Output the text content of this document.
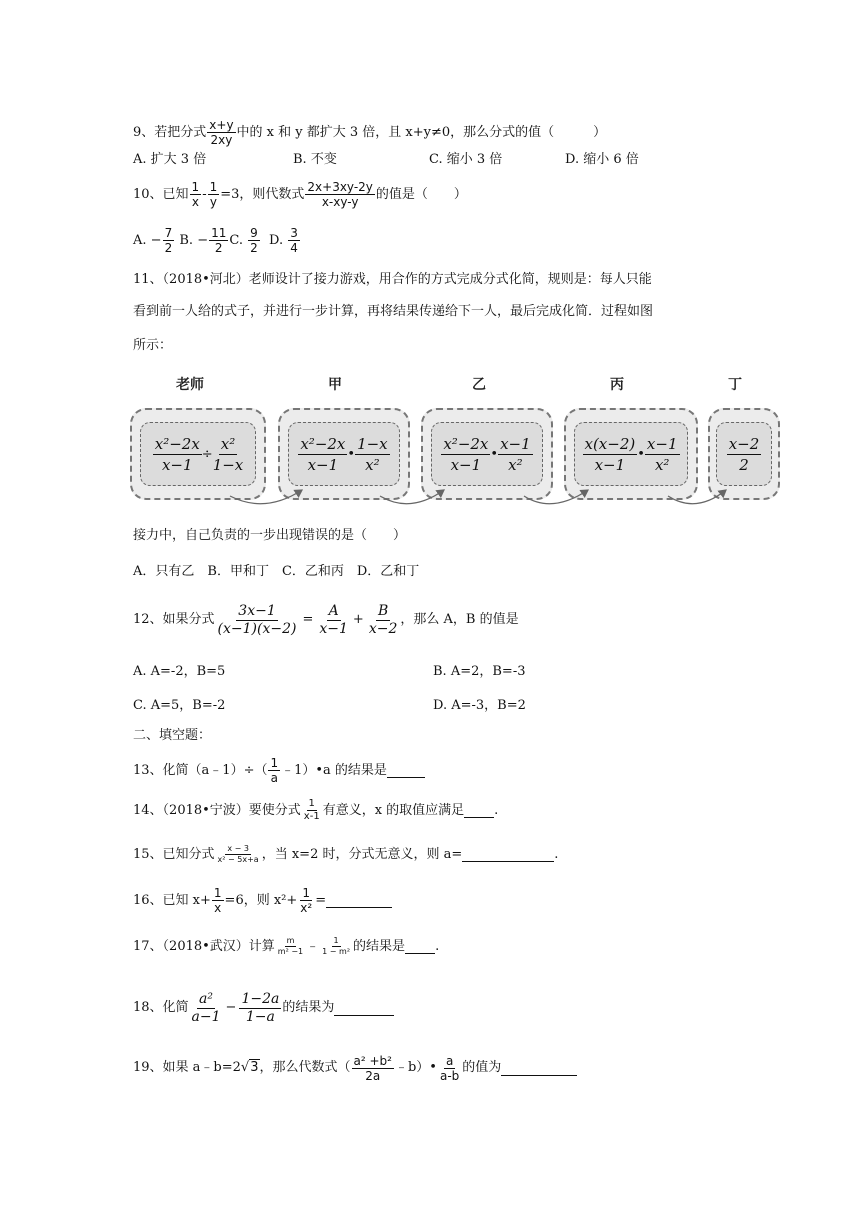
9、若把分式 $\frac{x+y}{2xy}$ 中的 x 和 y 都扩大 3 倍，且 x+y≠0，那么分式的值（　　　）
A. 扩大 3 倍	B. 不变	C. 缩小 3 倍	D. 缩小 6 倍
10、已知 $\frac{1}{x} - \frac{1}{y} =3$，则代数式 $\frac{2x+3xy-2y}{x-xy-y}$ 的值是（　　）
A.
− $\frac{7}{2}$
B.
− $\frac{11}{2} C$.
$\frac{9}{2}$
D.
$\frac{3}{4}$
11、（2018•河北）老师设计了接力游戏，用合作的方式完成分式化简，规则是：每人只能
看到前一人给的式子，并进行一步计算，再将结果传递给下一人，最后完成化简．过程如图
所示：
老师	甲	乙	丙	丁
$\frac{\text{x²−2x}}{x-1} \div \frac{\text{x²}}{1-x}$	$\frac{\text{x²−2x}}{x-1}$ • $\frac{1-x}{\text{x²}}$	$\frac{\text{x²−2x}}{x-1}$ • $\frac{x-1}{\text{x²}}$	$\frac{x(x-2)}{x-1}$ • $\frac{x-1}{\text{x²}}$	$\frac{x-2}{2}$
接力中，自己负责的一步出现错误的是（　　）
A．只有乙　B．甲和丁　C．乙和丙　D．乙和丁
12、如果分式 $\frac{3x-1}{(x-1)(x-2)} = \frac{A}{x-1} + \frac{B}{x-2}$ ，那么 A，B 的值是
A. A=-2，B=5	B. A=2，B=-3
C. A=5，B=-2	D. A=-3，B=2
二、填空题：
13、化简（a﹣1）÷（ $\frac{1}{a}$ ﹣1）•a 的结果是
14、（2018•宁波）要使分式 $\frac{1}{x-1}$ 有意义，x 的取值应满足 .
15、已知分式 $\frac{x - 3}{\text{x² − 5x+a}}$ ，当 x=2 时，分式无意义，则 a=	.
16、已知 $x+ \frac{1}{x} =6$，则 $x^2+ \frac{1}{\text{x²}}$ =
17、（2018•武汉）计算 $\frac{m}{\text{m² −1}}$ ﹣ $\frac{1}{\text{1 − m²}}$ 的结果是 .
18、化简 $\frac{\text{a²}}{a-1} - \frac{1-2a}{1-a}$ 的结果为
19、如果 a﹣b=2 √3 ，那么代数式（ $\frac{\text{a² +b²}}{2a}$ ﹣b）• $\frac{a}{a-b}$ 的值为
